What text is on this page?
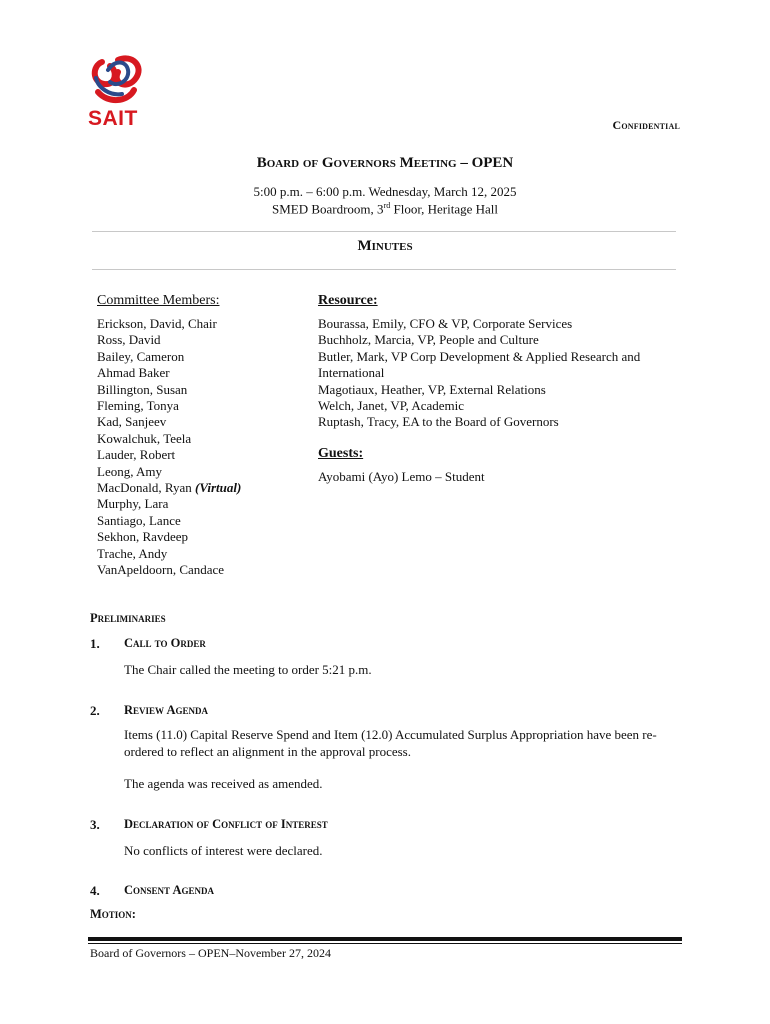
SAIT	Confidential
Board of Governors Meeting – OPEN
5:00 p.m. – 6:00 p.m. Wednesday, March 12, 2025
SMED Boardroom, 3rd Floor, Heritage Hall
Minutes
Committee Members:
Erickson, David, Chair
Ross, David
Bailey, Cameron
Ahmad Baker
Billington, Susan
Fleming, Tonya
Kad, Sanjeev
Kowalchuk, Teela
Lauder, Robert
Leong, Amy
MacDonald, Ryan (Virtual)
Murphy, Lara
Santiago, Lance
Sekhon, Ravdeep
Trache, Andy
VanApeldoorn, Candace
Resource:
Bourassa, Emily, CFO & VP, Corporate Services
Buchholz, Marcia, VP, People and Culture
Butler, Mark, VP Corp Development & Applied Research and
International
Magotiaux, Heather, VP, External Relations
Welch, Janet, VP, Academic
Ruptash, Tracy, EA to the Board of Governors
Guests:
Ayobami (Ayo) Lemo – Student
Preliminaries
1. Call to Order
The Chair called the meeting to order 5:21 p.m.
2. Review Agenda
Items (11.0) Capital Reserve Spend and Item (12.0) Accumulated Surplus Appropriation have been re-ordered to reflect an alignment in the approval process.
The agenda was received as amended.
3. Declaration of Conflict of Interest
No conflicts of interest were declared.
4. Consent Agenda
Motion:
Board of Governors – OPEN–November 27, 2024
